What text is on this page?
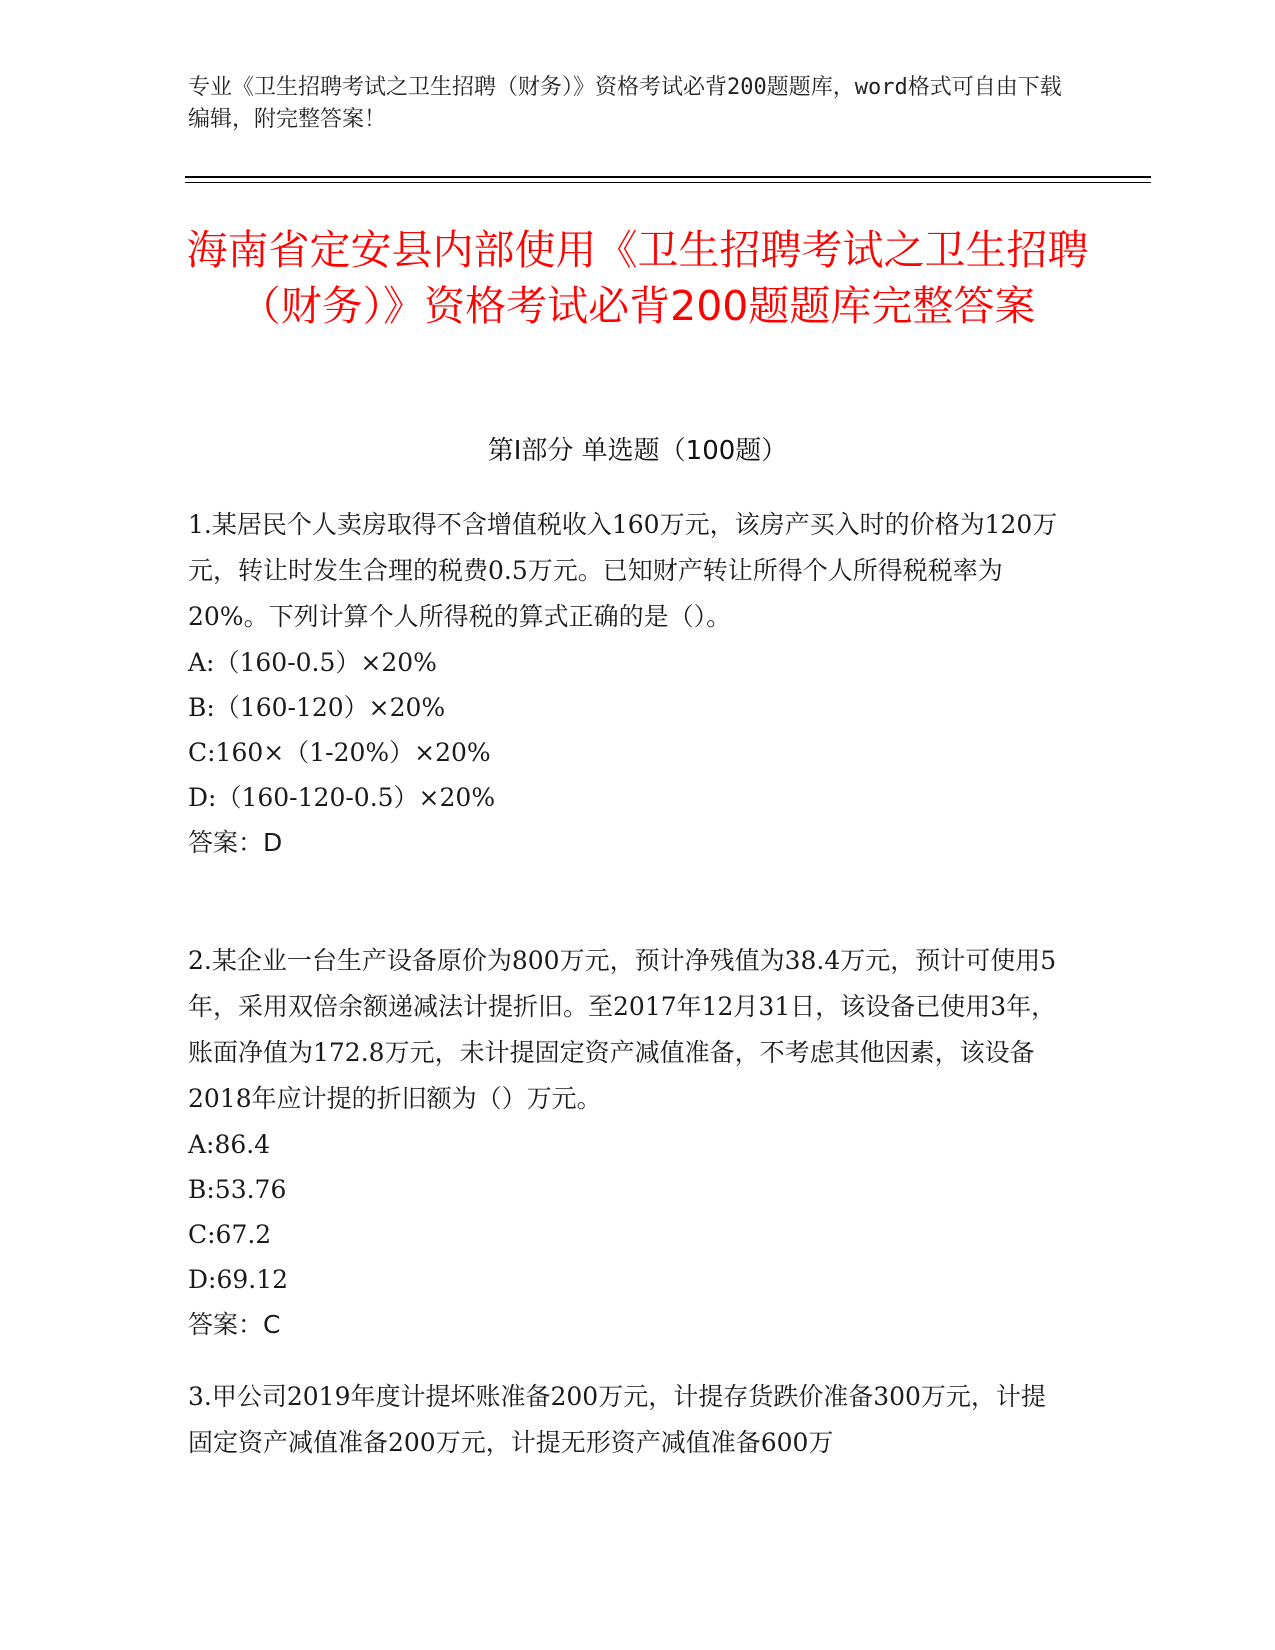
专业《卫生招聘考试之卫生招聘（财务）》资格考试必背200题题库，word格式可自由下载编辑，附完整答案！
海南省定安县内部使用《卫生招聘考试之卫生招聘（财务）》资格考试必背200题题库完整答案
第I部分 单选题（100题）

1.某居民个人卖房取得不含增值税收入160万元，该房产买入时的价格为120万元，转让时发生合理的税费0.5万元。已知财产转让所得个人所得税税率为20%。下列计算个人所得税的算式正确的是（）。

A:（160-0.5）×20%

B:（160-120）×20%

C:160×（1-20%）×20%

D:（160-120-0.5）×20%

答案：D

2.某企业一台生产设备原价为800万元，预计净残值为38.4万元，预计可使用5年，采用双倍余额递减法计提折旧。至2017年12月31日，该设备已使用3年，账面净值为172.8万元，未计提固定资产减值准备，不考虑其他因素，该设备2018年应计提的折旧额为（）万元。

A:86.4

B:53.76

C:67.2

D:69.12

答案：C

3.甲公司2019年度计提坏账准备200万元，计提存货跌价准备300万元，计提固定资产减值准备200万元，计提无形资产减值准备600万
